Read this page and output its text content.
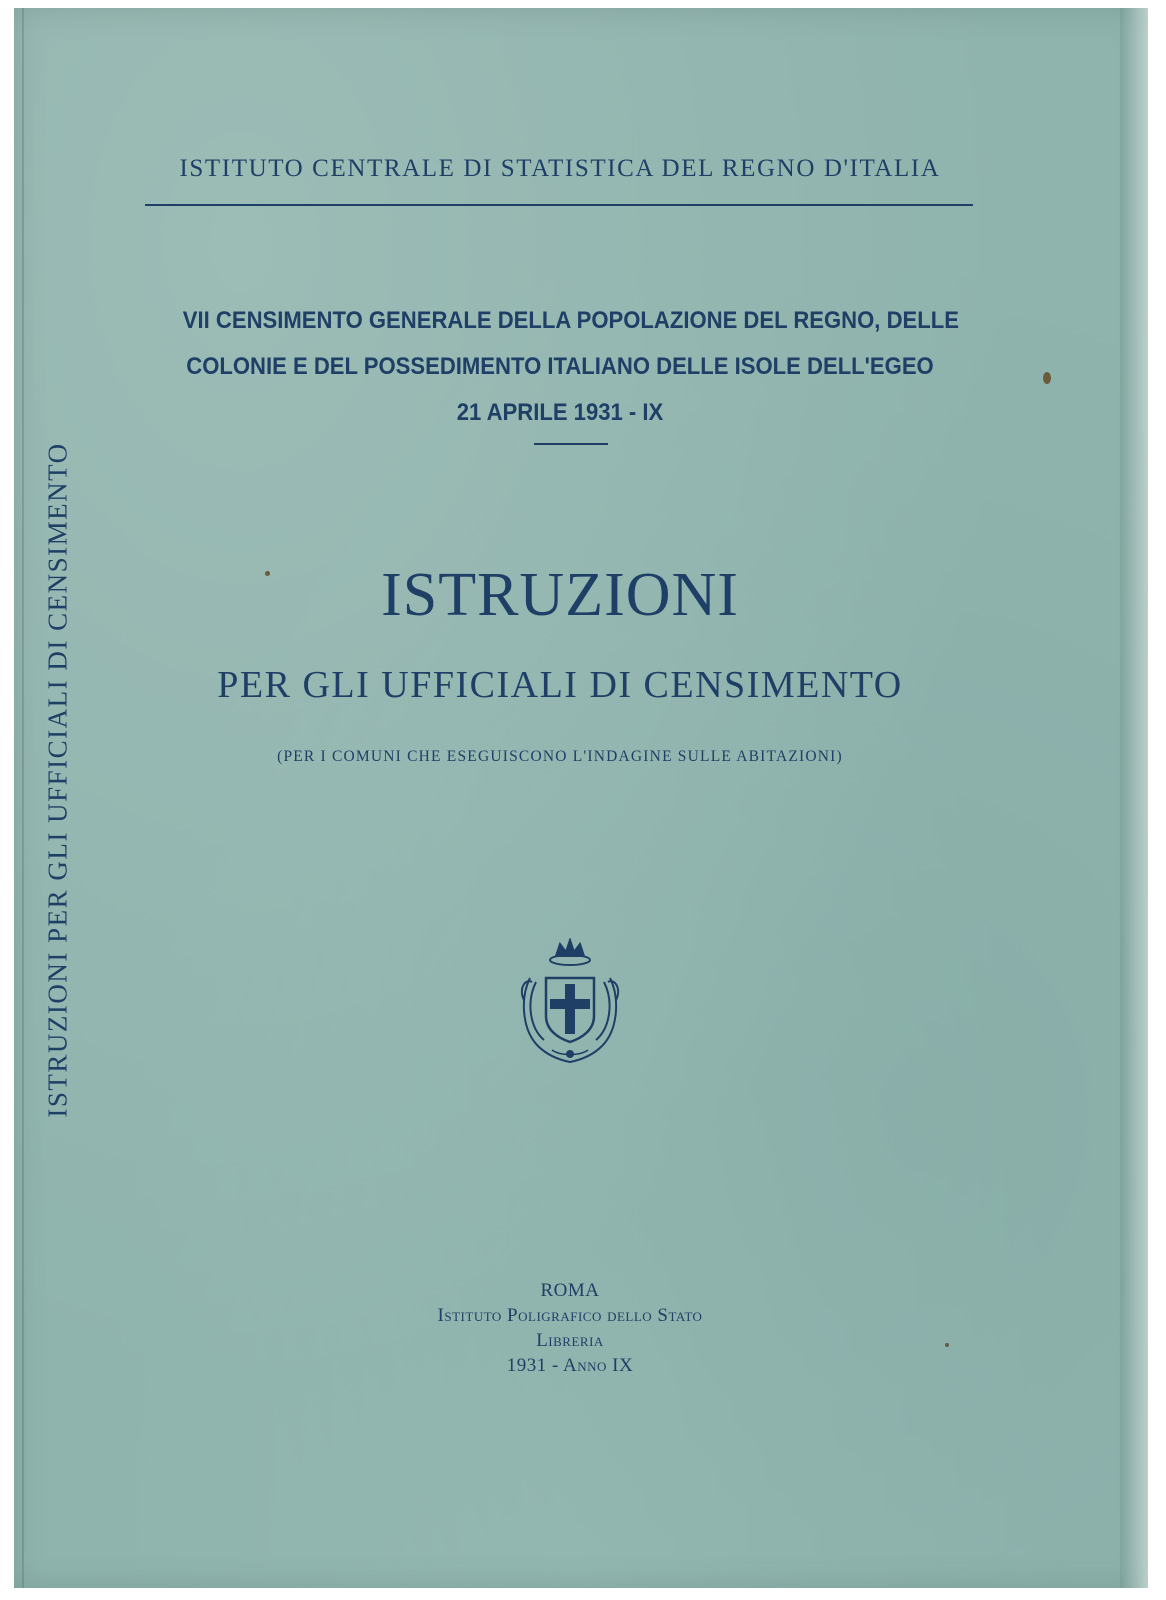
ISTRUZIONI PER GLI UFFICIALI DI CENSIMENTO
ISTITUTO CENTRALE DI STATISTICA DEL REGNO D'ITALIA
VII CENSIMENTO GENERALE DELLA POPOLAZIONE DEL REGNO, DELLE
COLONIE E DEL POSSEDIMENTO ITALIANO DELLE ISOLE DELL'EGEO
21 APRILE 1931 - IX
ISTRUZIONI
PER GLI UFFICIALI DI CENSIMENTO
(PER I COMUNI CHE ESEGUISCONO L'INDAGINE SULLE ABITAZIONI)
ROMA
Istituto Poligrafico dello Stato
Libreria
1931 - Anno IX
